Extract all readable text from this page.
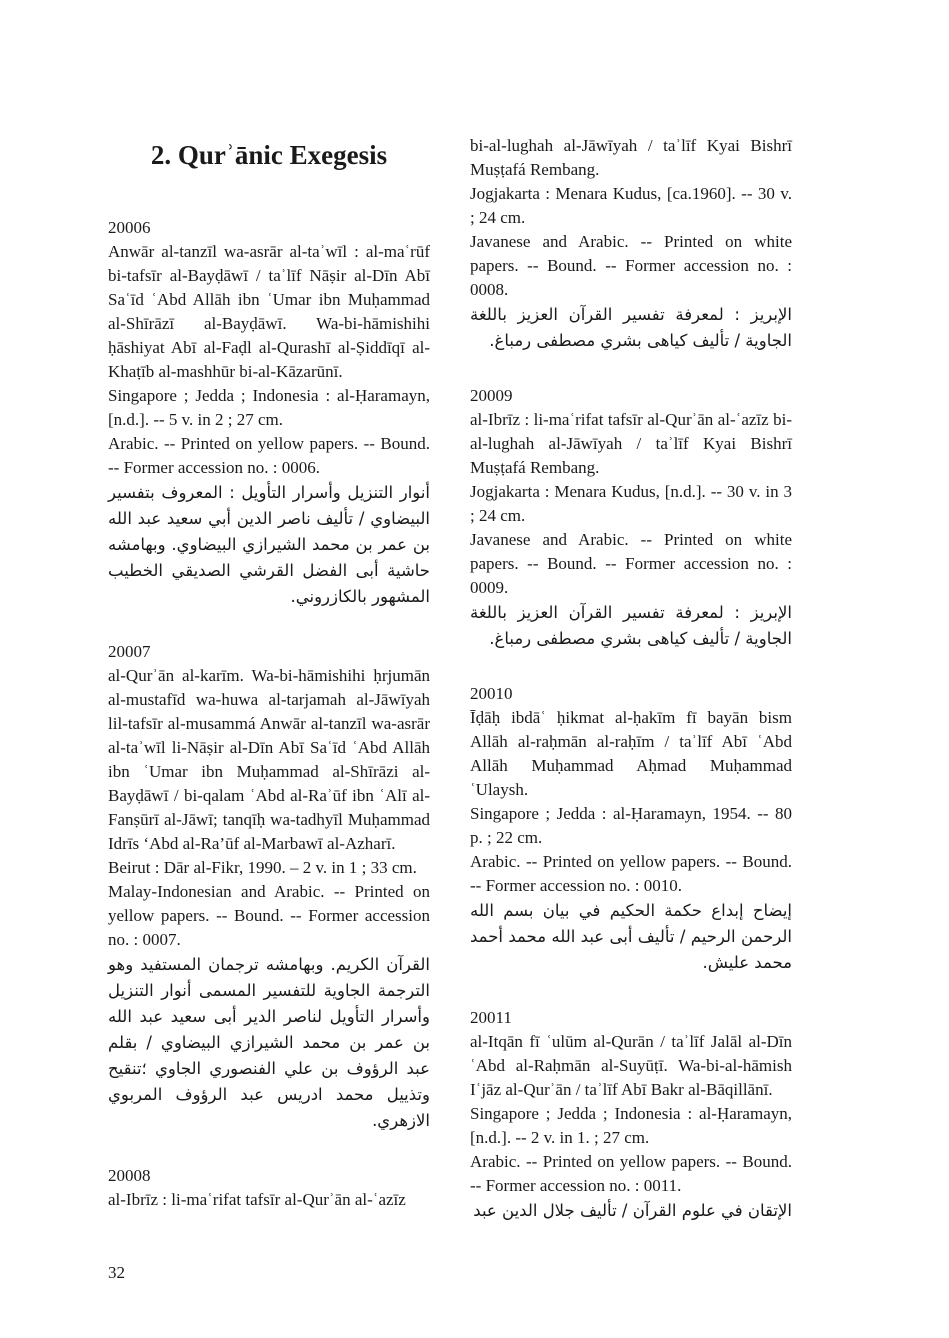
2. Qurʾānic Exegesis
20006
Anwār al-tanzīl wa-asrār al-taʾwīl : al-maʿrūf bi-tafsīr al-Bayḍāwī / taʾlīf Nāṣir al-Dīn Abī Saʿīd ʿAbd Allāh ibn ʿUmar ibn Muḥammad al-Shīrāzī al-Bayḍāwī. Wa-bi-hāmishihi ḥāshiyat Abī al-Faḍl al-Qurashī al-Ṣiddīqī al-Khaṭīb al-mashhūr bi-al-Kāzarūnī.
Singapore ; Jedda ; Indonesia : al-Ḥaramayn, [n.d.]. -- 5 v. in 2 ; 27 cm.
Arabic. -- Printed on yellow papers. -- Bound. -- Former accession no. : 0006.
أنوار التنزيل وأسرار التأويل : المعروف بتفسير البيضاوي / تأليف ناصر الدين أبي سعيد عبد الله بن عمر بن محمد الشيرازي البيضاوي. وبهامشه حاشية أبى الفضل القرشي الصديقي الخطيب المشهور بالكازروني.
20007
al-Qurʾān al-karīm. Wa-bi-hāmishihi ḥrjumān al-mustafīd wa-huwa al-tarjamah al-Jāwīyah lil-tafsīr al-musammá Anwār al-tanzīl wa-asrār al-taʾwīl li-Nāṣir al-Dīn Abī Saʿīd ʿAbd Allāh ibn ʿUmar ibn Muḥammad al-Shīrāzi al-Bayḍāwī / bi-qalam ʿAbd al-Raʾūf ibn ʿAlī al-Fanṣūrī al-Jāwī; tanqīḥ wa-tadhyīl Muḥammad Idrīs ‘Abd al-Ra’ūf al-Marbawī al-Azharī.
Beirut : Dār al-Fikr, 1990. – 2 v. in 1 ; 33 cm.
Malay-Indonesian and Arabic. -- Printed on yellow papers. -- Bound. -- Former accession no. : 0007.
القرآن الكريم. وبهامشه ترجمان المستفيد وهو الترجمة الجاوية للتفسير المسمى أنوار التنزيل وأسرار التأويل لناصر الدير أبى سعيد عبد الله بن عمر بن محمد الشيرازي البيضاوي / بقلم عبد الرؤوف بن علي الفنصوري الجاوي ؛تنقيح وتذييل محمد ادريس عبد الرؤوف المربوي الازهري.
20008
al-Ibrīz : li-maʿrifat tafsīr al-Qurʾān al-ʿazīz
bi-al-lughah al-Jāwīyah / taʾlīf Kyai Bishrī Muṣṭafá Rembang.
Jogjakarta : Menara Kudus, [ca.1960]. -- 30 v. ; 24 cm.
Javanese and Arabic. -- Printed on white papers. -- Bound. -- Former accession no. : 0008.
الإبريز : لمعرفة تفسير القرآن العزيز باللغة الجاوية / تأليف كياهى بشري مصطفى رمباغ.
20009
al-Ibrīz : li-maʿrifat tafsīr al-Qurʾān al-ʿazīz bi-al-lughah al-Jāwīyah / taʾlīf Kyai Bishrī Muṣṭafá Rembang.
Jogjakarta : Menara Kudus, [n.d.]. -- 30 v. in 3 ; 24 cm.
Javanese and Arabic. -- Printed on white papers. -- Bound. -- Former accession no. : 0009.
الإبريز : لمعرفة تفسير القرآن العزيز باللغة الجاوية / تأليف كياهى بشري مصطفى رمباغ.
20010
Īḍāḥ ibdāʿ ḥikmat al-ḥakīm fī bayān bism Allāh al-raḥmān al-raḥīm / taʾlīf Abī ʿAbd Allāh Muḥammad Aḥmad Muḥammad ʿUlaysh.
Singapore ; Jedda : al-Ḥaramayn, 1954. -- 80 p. ; 22 cm.
Arabic. -- Printed on yellow papers. -- Bound. -- Former accession no. : 0010.
إيضاح إبداع حكمة الحكيم في بيان بسم الله الرحمن الرحيم / تأليف أبى عبد الله محمد أحمد محمد عليش.
20011
al-Itqān fī ʿulūm al-Qurān / taʾlīf Jalāl al-Dīn ʿAbd al-Raḥmān al-Suyūṭī. Wa-bi-al-hāmish Iʿjāz al-Qurʾān / taʾlīf Abī Bakr al-Bāqillānī.
Singapore ; Jedda ; Indonesia : al-Ḥaramayn, [n.d.]. -- 2 v. in 1. ; 27 cm.
Arabic. -- Printed on yellow papers. -- Bound. -- Former accession no. : 0011.
الإتقان في علوم القرآن / تأليف جلال الدين عبد
32
